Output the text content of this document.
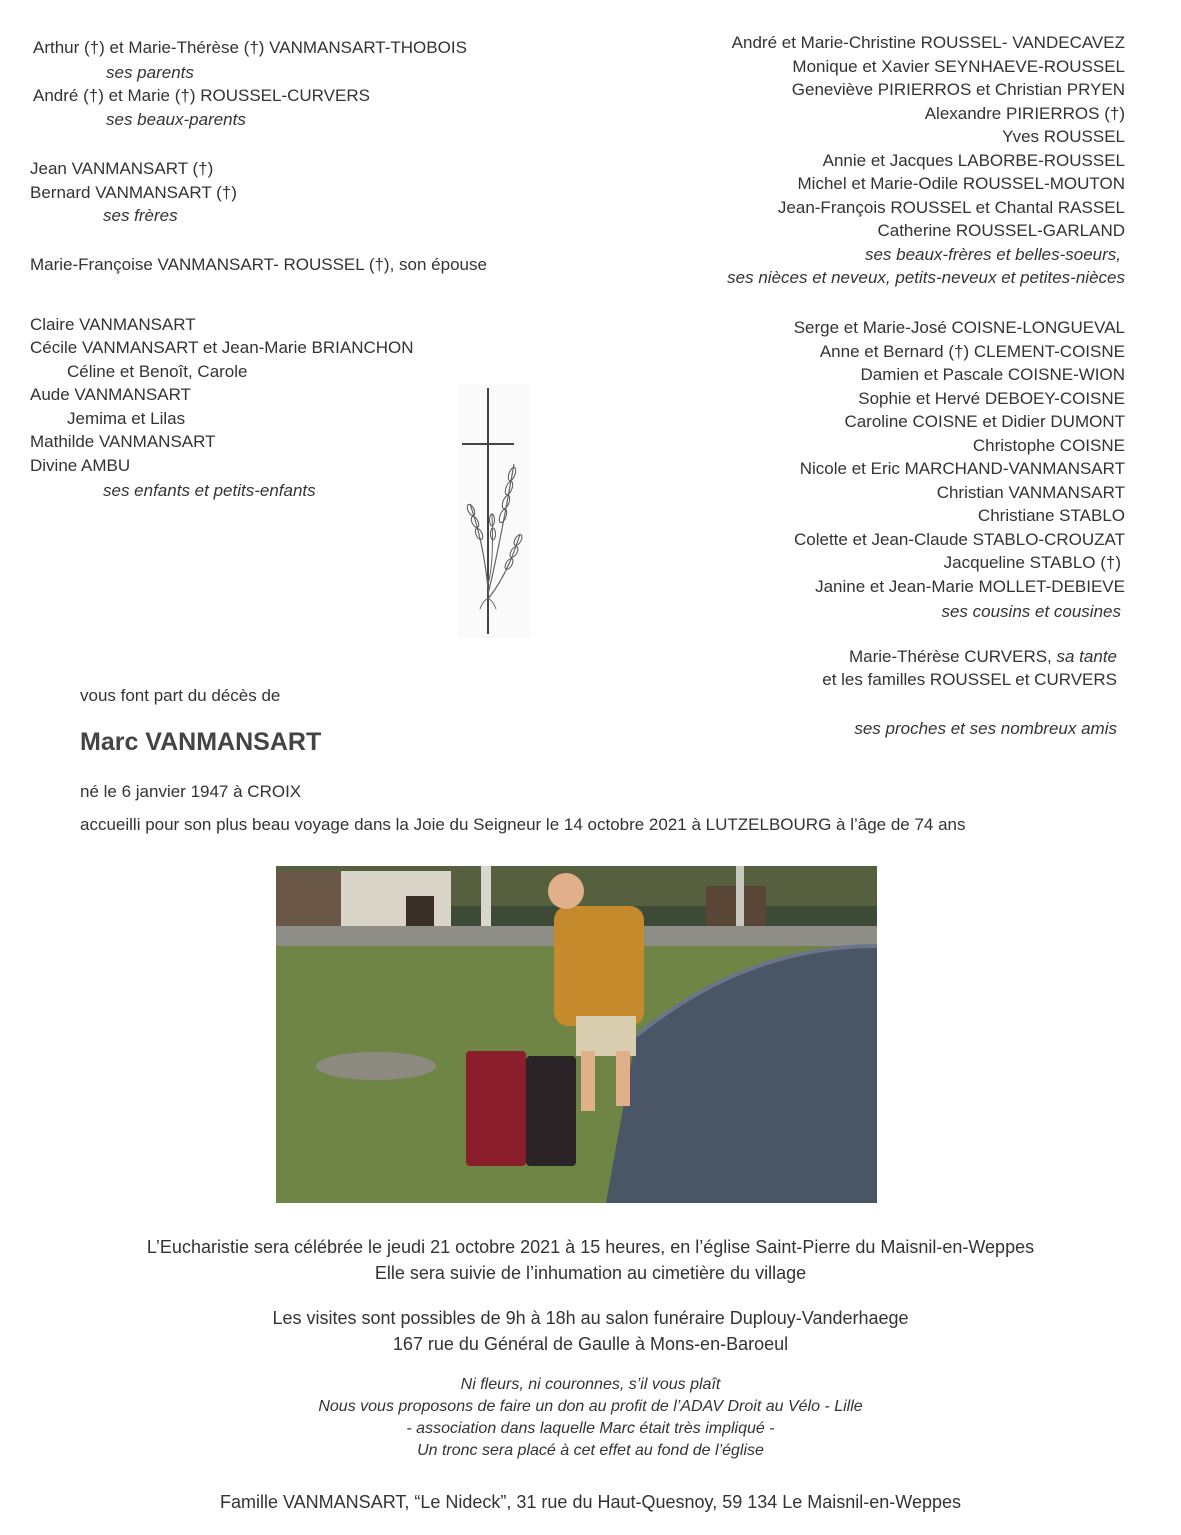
Arthur (†) et Marie-Thérèse (†) VANMANSART-THOBOIS
ses parents
André (†) et Marie (†) ROUSSEL-CURVERS
ses beaux-parents
Jean VANMANSART (†)
Bernard VANMANSART (†)
ses frères
Marie-Françoise VANMANSART- ROUSSEL (†), son épouse
Claire VANMANSART
Cécile VANMANSART et Jean-Marie BRIANCHON
Céline et Benoît, Carole
Aude VANMANSART
Jemima et Lilas
Mathilde VANMANSART
Divine AMBU
ses enfants et petits-enfants
André et Marie-Christine ROUSSEL- VANDECAVEZ
Monique et Xavier SEYNHAEVE-ROUSSEL
Geneviève PIRIERROS et Christian PRYEN
Alexandre PIRIERROS (†)
Yves ROUSSEL
Annie et Jacques LABORBE-ROUSSEL
Michel et Marie-Odile ROUSSEL-MOUTON
Jean-François ROUSSEL et Chantal RASSEL
Catherine ROUSSEL-GARLAND
ses beaux-frères et belles-soeurs,
ses nièces et neveux, petits-neveux et petites-nièces
Serge et Marie-José COISNE-LONGUEVAL
Anne et Bernard (†) CLEMENT-COISNE
Damien et Pascale COISNE-WION
Sophie et Hervé DEBOEY-COISNE
Caroline COISNE et Didier DUMONT
Christophe COISNE
Nicole et Eric MARCHAND-VANMANSART
Christian VANMANSART
Christiane STABLO
Colette et Jean-Claude STABLO-CROUZAT
Jacqueline STABLO (†)
Janine et Jean-Marie MOLLET-DEBIEVE
ses cousins et cousines
Marie-Thérèse CURVERS, sa tante
et les familles ROUSSEL et CURVERS
ses proches et ses nombreux amis
vous font part du décès de
Marc VANMANSART
né le 6 janvier 1947 à CROIX
accueilli pour son plus beau voyage dans la Joie du Seigneur le 14 octobre 2021 à LUTZELBOURG à l’âge de 74 ans
L’Eucharistie sera célébrée le jeudi 21 octobre 2021 à 15 heures, en l’église Saint-Pierre du Maisnil-en-Weppes
Elle sera suivie de l’inhumation au cimetière du village
Les visites sont possibles de 9h à 18h au salon funéraire Duplouy-Vanderhaege
167 rue du Général de Gaulle à Mons-en-Baroeul
Ni fleurs, ni couronnes, s’il vous plaît
Nous vous proposons de faire un don au profit de l’ADAV Droit au Vélo - Lille
- association dans laquelle Marc était très impliqué -
Un tronc sera placé à cet effet au fond de l’église
Famille VANMANSART, “Le Nideck”, 31 rue du Haut-Quesnoy, 59 134 Le Maisnil-en-Weppes
